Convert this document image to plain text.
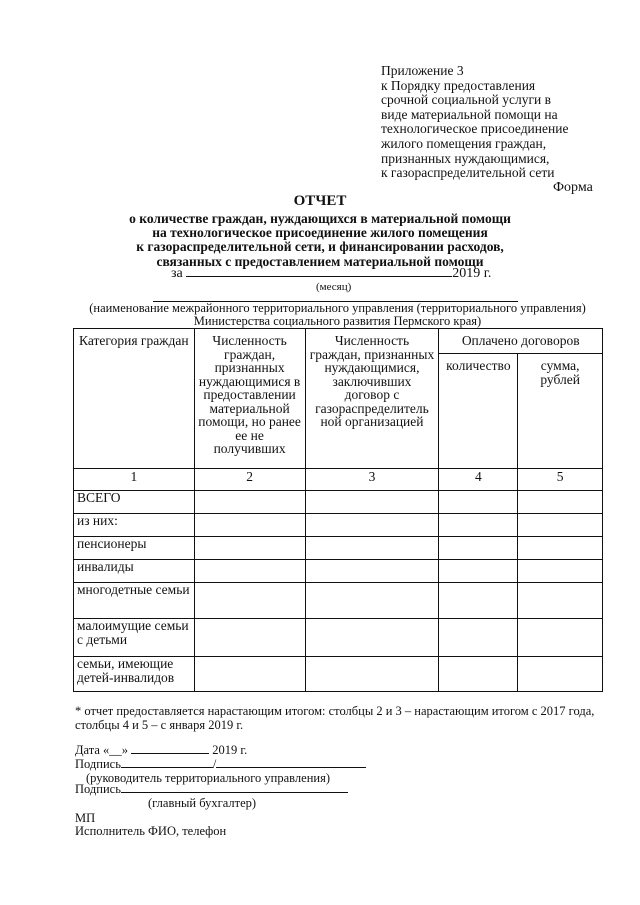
Приложение 3
к Порядку предоставления
срочной социальной услуги в
виде материальной помощи на
технологическое присоединение
жилого помещения граждан,
признанных нуждающимися,
к газораспределительной сети
Форма
ОТЧЕТ
о количестве граждан, нуждающихся в материальной помощи
на технологическое присоединение жилого помещения
к газораспределительной сети, и финансировании расходов,
связанных с предоставлением материальной помощи
за	2019 г.
(месяц)
(наименование межрайонного территориального управления (территориального управления)
Министерства социального развития Пермского края)
Категория граждан	Численность граждан, признанных нуждающимися в предоставлении материальной помощи, но ранее ее не получивших	Численность граждан, признанных нуждающимися, заключивших договор с газораспределитель ной организацией	Оплачено договоров	
			количество	сумма, рублей
1	2	3	4	5
ВСЕГО				
из них:				
пенсионеры				
инвалиды				
многодетные семьи				
малоимущие семьи с детьми				
семьи, имеющие детей-инвалидов				
* отчет предоставляется нарастающим итогом: столбцы 2 и 3 – нарастающим итогом с 2017 года, столбцы 4 и 5 – с января 2019 г.
Дата «__»	2019 г.
Подпись	/
(руководитель территориального управления)
Подпись
(главный бухгалтер)
МП
Исполнитель ФИО, телефон
